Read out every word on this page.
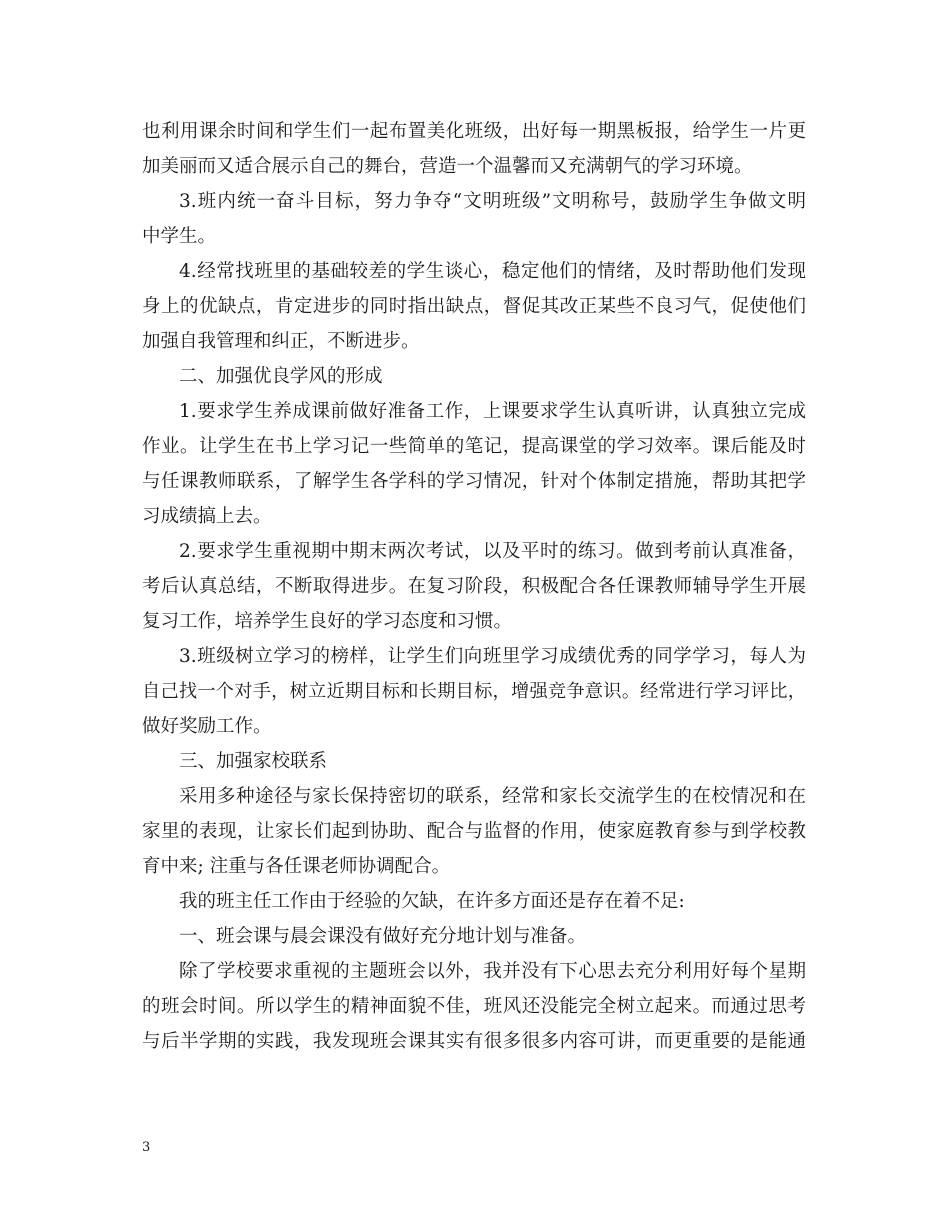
也利用课余时间和学生们一起布置美化班级，出好每一期黑板报，给学生一片更
加美丽而又适合展示自己的舞台，营造一个温馨而又充满朝气的学习环境。
3.班内统一奋斗目标，努力争夺“文明班级”文明称号，鼓励学生争做文明
中学生。
4.经常找班里的基础较差的学生谈心，稳定他们的情绪，及时帮助他们发现
身上的优缺点，肯定进步的同时指出缺点，督促其改正某些不良习气，促使他们
加强自我管理和纠正，不断进步。
二、加强优良学风的形成
1.要求学生养成课前做好准备工作，上课要求学生认真听讲，认真独立完成
作业。让学生在书上学习记一些简单的笔记，提高课堂的学习效率。课后能及时
与任课教师联系，了解学生各学科的学习情况，针对个体制定措施，帮助其把学
习成绩搞上去。
2.要求学生重视期中期末两次考试，以及平时的练习。做到考前认真准备，
考后认真总结，不断取得进步。在复习阶段，积极配合各任课教师辅导学生开展
复习工作，培养学生良好的学习态度和习惯。
3.班级树立学习的榜样，让学生们向班里学习成绩优秀的同学学习，每人为
自己找一个对手，树立近期目标和长期目标，增强竞争意识。经常进行学习评比，
做好奖励工作。
三、加强家校联系
采用多种途径与家长保持密切的联系，经常和家长交流学生的在校情况和在
家里的表现，让家长们起到协助、配合与监督的作用，使家庭教育参与到学校教
育中来; 注重与各任课老师协调配合。
我的班主任工作由于经验的欠缺，在许多方面还是存在着不足:
一、班会课与晨会课没有做好充分地计划与准备。
除了学校要求重视的主题班会以外，我并没有下心思去充分利用好每个星期
的班会时间。所以学生的精神面貌不佳，班风还没能完全树立起来。而通过思考
与后半学期的实践，我发现班会课其实有很多很多内容可讲，而更重要的是能通
3
